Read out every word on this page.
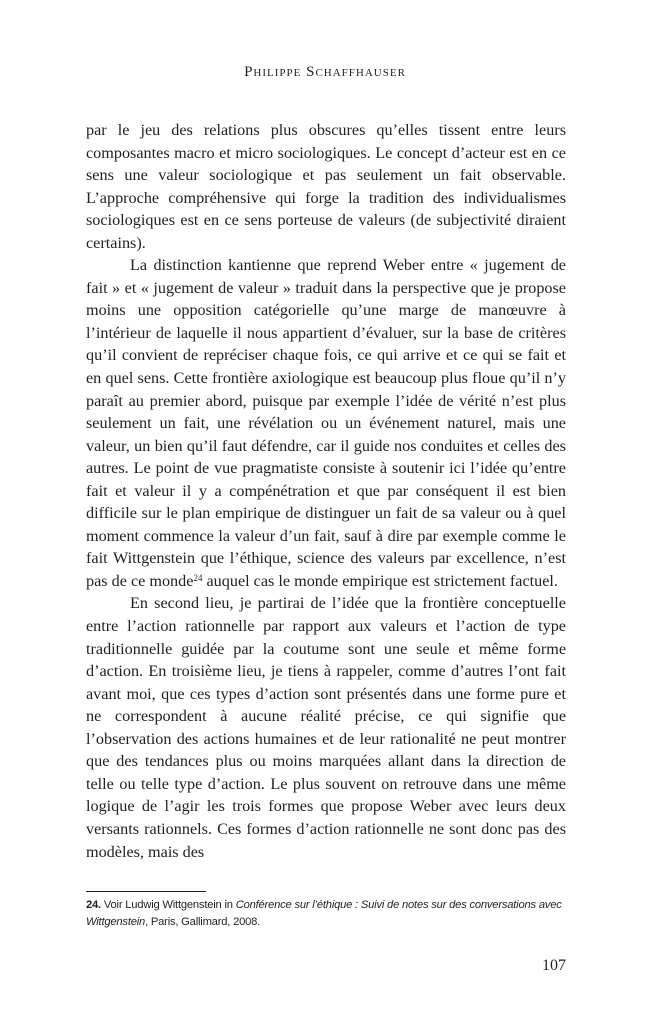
Philippe Schaffhauser

par le jeu des relations plus obscures qu’elles tissent entre leurs composantes macro et micro sociologiques. Le concept d’acteur est en ce sens une valeur sociologique et pas seulement un fait observable. L’approche compréhensive qui forge la tradition des individualismes sociologiques est en ce sens porteuse de valeurs (de subjectivité diraient certains).

La distinction kantienne que reprend Weber entre « jugement de fait » et « jugement de valeur » traduit dans la perspective que je propose moins une opposition catégorielle qu’une marge de manœuvre à l’intérieur de laquelle il nous appartient d’évaluer, sur la base de critères qu’il convient de repréciser chaque fois, ce qui arrive et ce qui se fait et en quel sens. Cette frontière axiologique est beaucoup plus floue qu’il n’y paraît au premier abord, puisque par exemple l’idée de vérité n’est plus seulement un fait, une révélation ou un événement naturel, mais une valeur, un bien qu’il faut défendre, car il guide nos conduites et celles des autres. Le point de vue pragmatiste consiste à soutenir ici l’idée qu’entre fait et valeur il y a compénétration et que par conséquent il est bien difficile sur le plan empirique de distinguer un fait de sa valeur ou à quel moment commence la valeur d’un fait, sauf à dire par exemple comme le fait Wittgenstein que l’éthique, science des valeurs par excellence, n’est pas de ce monde$^{24}$ auquel cas le monde empirique est strictement factuel.

En second lieu, je partirai de l’idée que la frontière conceptuelle entre l’action rationnelle par rapport aux valeurs et l’action de type traditionnelle guidée par la coutume sont une seule et même forme d’action. En troisième lieu, je tiens à rappeler, comme d’autres l’ont fait avant moi, que ces types d’action sont présentés dans une forme pure et ne correspondent à aucune réalité précise, ce qui signifie que l’observation des actions humaines et de leur rationalité ne peut montrer que des tendances plus ou moins marquées allant dans la direction de telle ou telle type d’action. Le plus souvent on retrouve dans une même logique de l’agir les trois formes que propose Weber avec leurs deux versants rationnels. Ces formes d’action rationnelle ne sont donc pas des modèles, mais des

24. Voir Ludwig Wittgenstein in Conférence sur l’éthique : Suivi de notes sur des conversations avec Wittgenstein, Paris, Gallimard, 2008.
107
